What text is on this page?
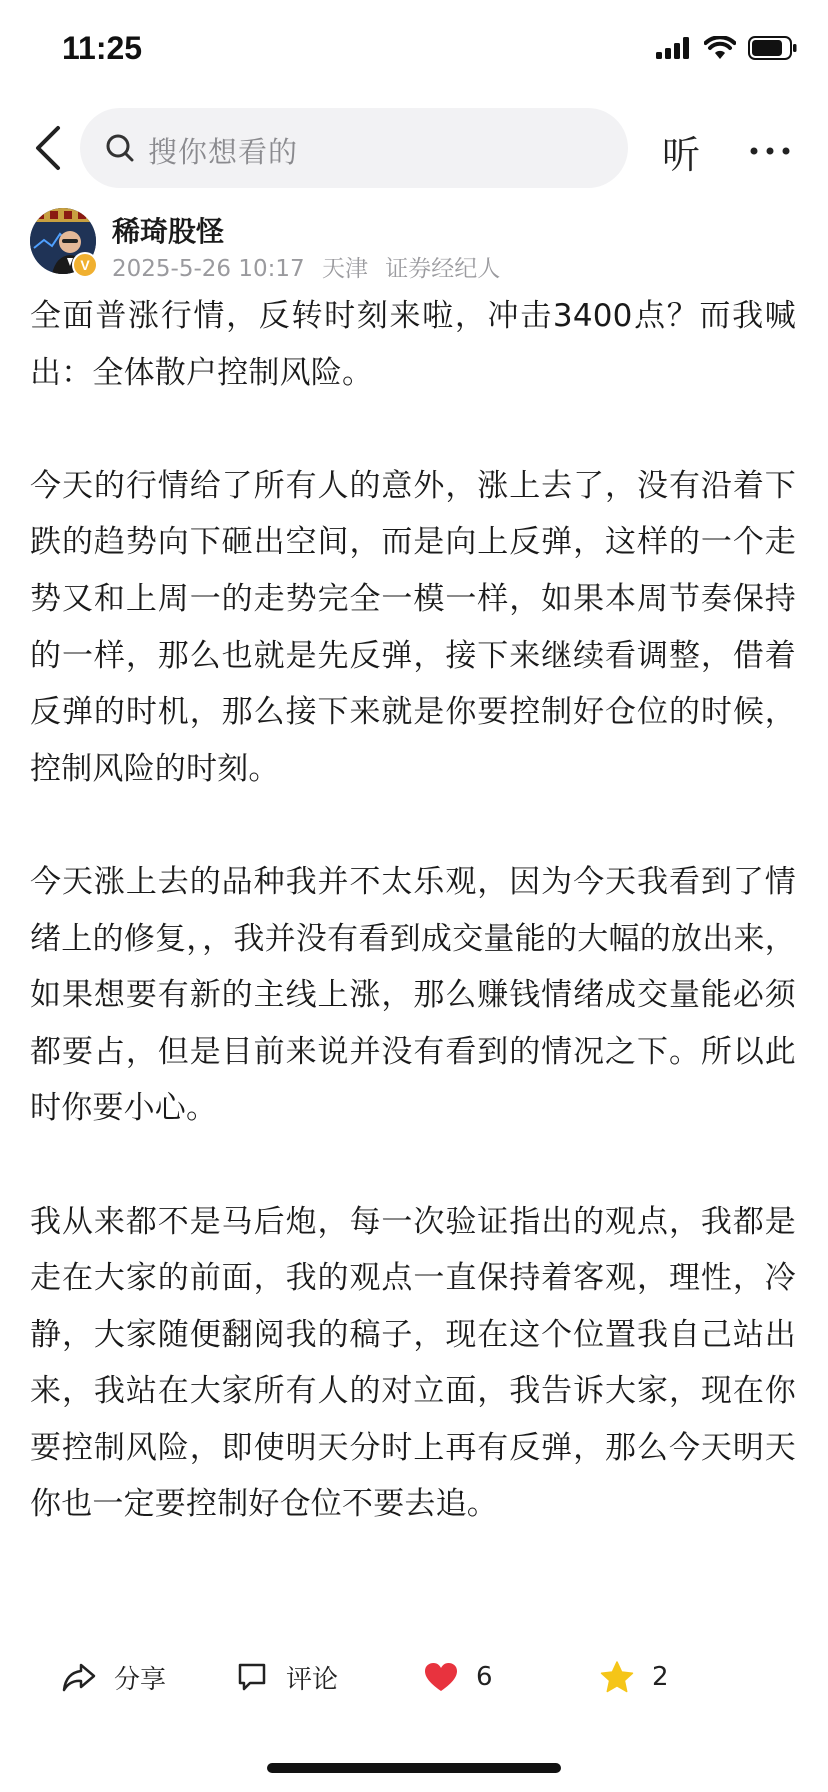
11:25
搜你想看的	听
V
稀琦股怪
2025-5-26 10:17 天津 证券经纪人

全面普涨行情，反转时刻来啦，冲击3400点？而我喊出：全体散户控制风险。

今天的行情给了所有人的意外，涨上去了，没有沿着下跌的趋势向下砸出空间，而是向上反弹，这样的一个走势又和上周一的走势完全一模一样，如果本周节奏保持的一样，那么也就是先反弹，接下来继续看调整，借着反弹的时机，那么接下来就是你要控制好仓位的时候，控制风险的时刻。

今天涨上去的品种我并不太乐观，因为今天我看到了情绪上的修复，，我并没有看到成交量能的大幅的放出来，如果想要有新的主线上涨，那么赚钱情绪成交量能必须都要占，但是目前来说并没有看到的情况之下。所以此时你要小心。

我从来都不是马后炮，每一次验证指出的观点，我都是走在大家的前面，我的观点一直保持着客观，理性，冷静，大家随便翻阅我的稿子，现在这个位置我自己站出来，我站在大家所有人的对立面，我告诉大家，现在你要控制风险，即使明天分时上再有反弹，那么今天明天你也一定要控制好仓位不要去追。

分享	评论	6	2
